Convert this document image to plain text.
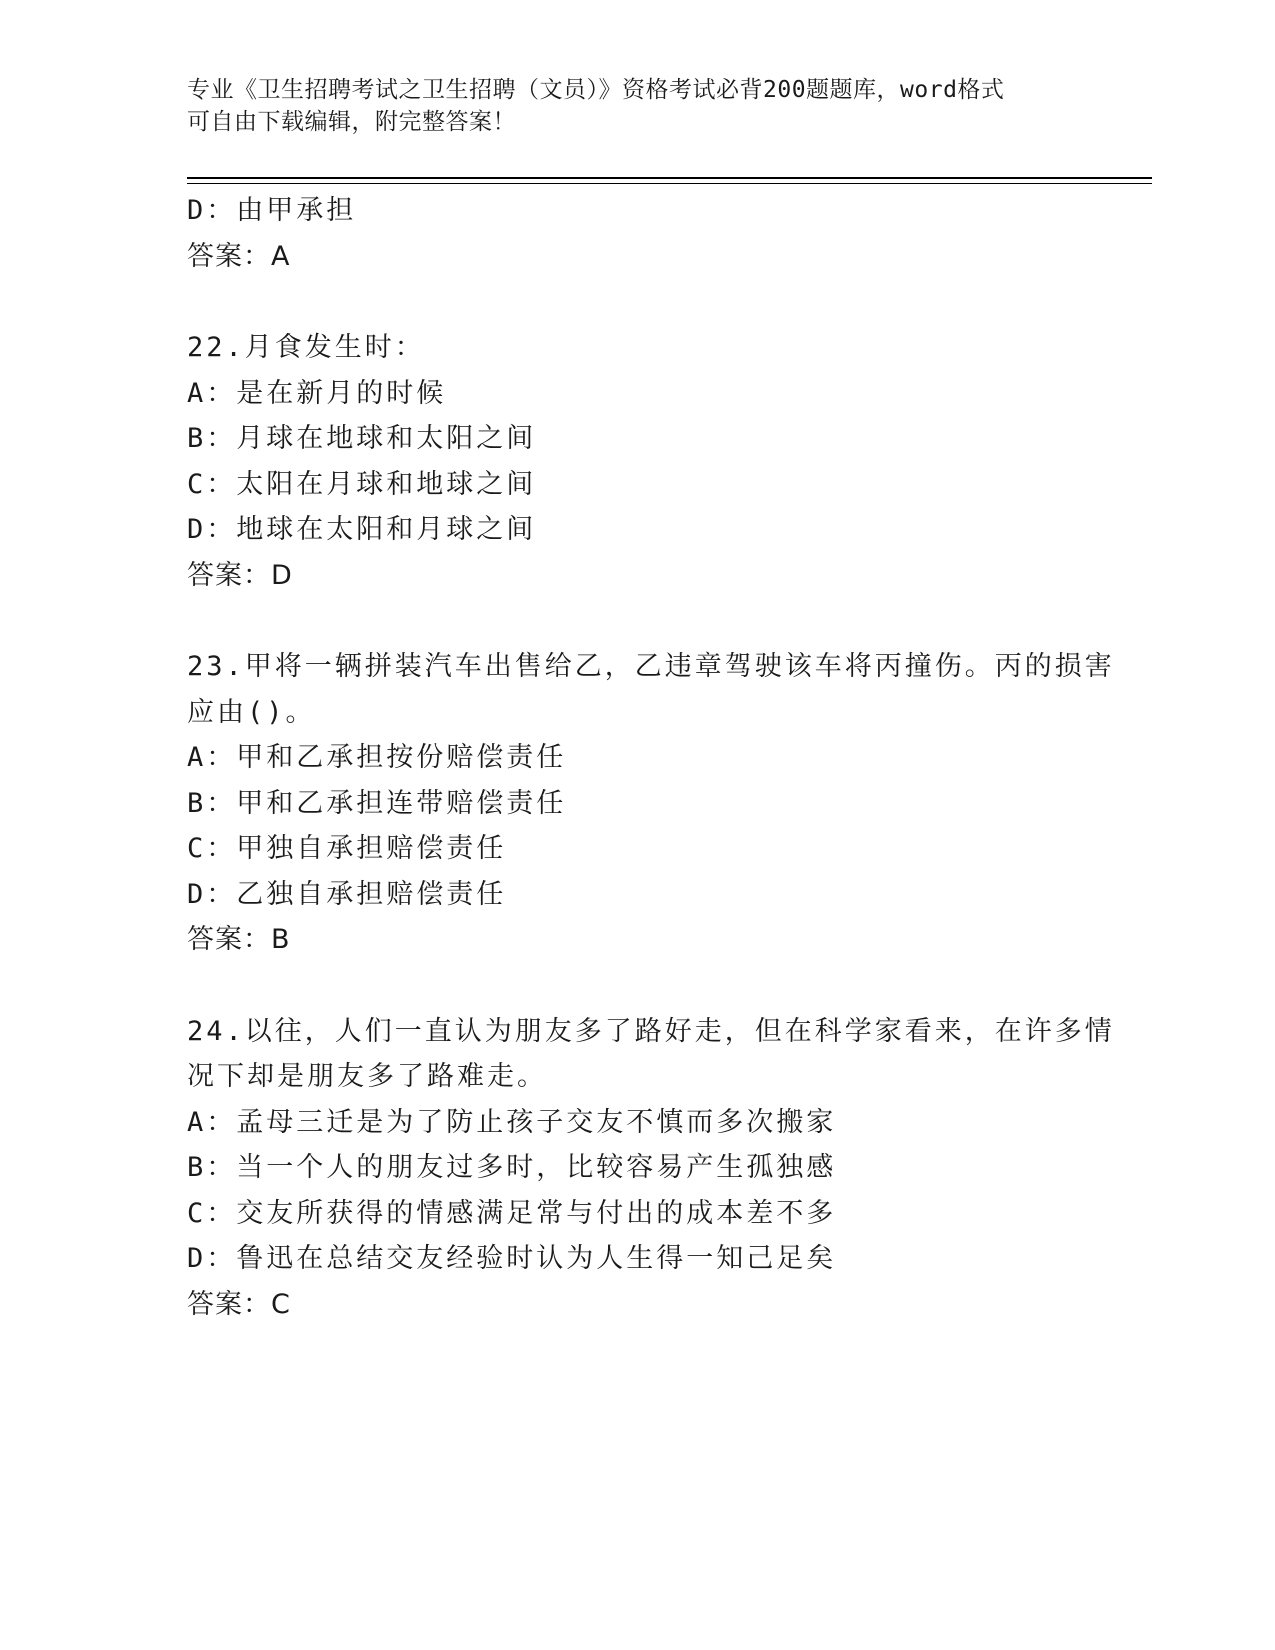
专业《卫生招聘考试之卫生招聘（文员）》资格考试必背200题题库，word格式
可自由下载编辑，附完整答案！
D：由甲承担
答案：A
22.月食发生时：
A：是在新月的时候
B：月球在地球和太阳之间
C：太阳在月球和地球之间
D：地球在太阳和月球之间
答案：D
23.甲将一辆拼装汽车出售给乙，乙违章驾驶该车将丙撞伤。丙的损害
应由()。
A：甲和乙承担按份赔偿责任
B：甲和乙承担连带赔偿责任
C：甲独自承担赔偿责任
D：乙独自承担赔偿责任
答案：B
24.以往，人们一直认为朋友多了路好走，但在科学家看来，在许多情
况下却是朋友多了路难走。
A：孟母三迁是为了防止孩子交友不慎而多次搬家
B：当一个人的朋友过多时，比较容易产生孤独感
C：交友所获得的情感满足常与付出的成本差不多
D：鲁迅在总结交友经验时认为人生得一知己足矣
答案：C
